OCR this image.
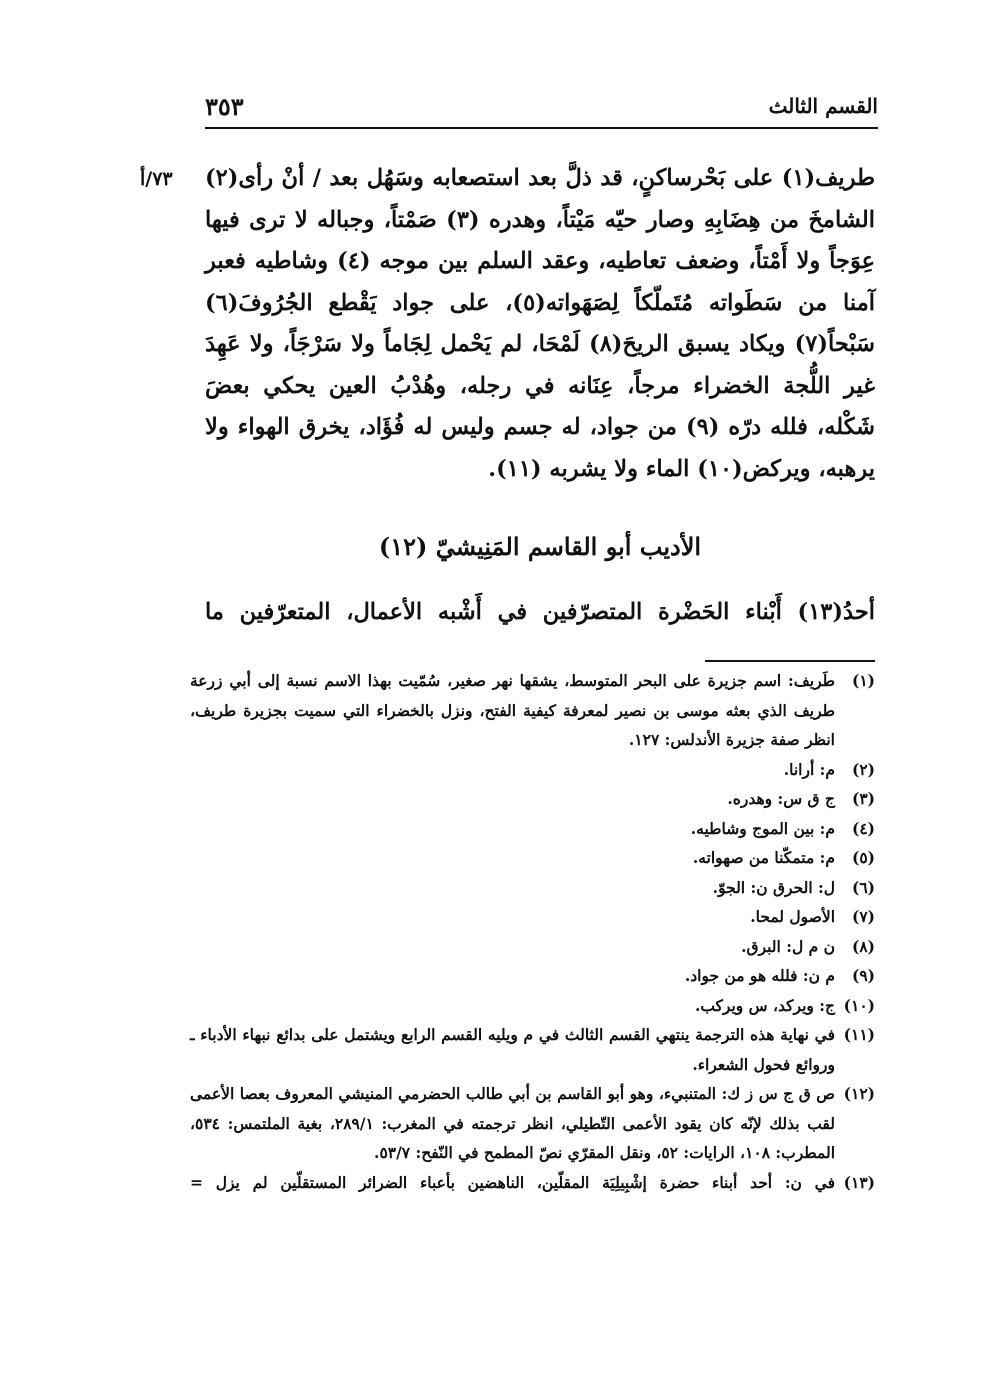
القسم الثالث
٣٥٣
٧٣/أ طريف(١) على بَحْرساكنٍ، قد ذلَّ بعد استصعابه وسَهُل بعد / أنْ رأى(٢) الشامخَ من هِضَابِهِ وصار حيّه مَيْتاً، وهدره (٣) صَمْتاً، وجباله لا ترى فيها عِوَجاً ولا أَمْتاً، وضعف تعاطيه، وعقد السلم بين موجه (٤) وشاطيه فعبر آمنا من سَطَواته مُتَملّكاً لِصَهَواته(٥)، على جواد يَقْطع الجُرُوفَ(٦) سَبْحاً(٧) ويكاد يسبق الريحَ(٨) لَمْحَا، لم يَحْمل لِجَاماً ولا سَرْجَاً، ولا عَهِدَ غير اللُّجة الخضراء مرجاً، عِنَانه في رجله، وهُدْبُ العين يحكي بعضَ شَكْله، فلله درّه (٩) من جواد، له جسم وليس له فُؤَاد، يخرق الهواء ولا يرهبه، ويركض(١٠) الماء ولا يشربه (١١).

الأديب أبو القاسم المَنِيشيّ (١٢)
أحدُ(١٣) أَبْناء الحَضْرة المتصرّفين في أَشْبه الأعمال، المتعرّفين ما
(١)
طَريف: اسم جزيرة على البحر المتوسط، يشقها نهر صغير، سُمّيت بهذا الاسم نسبة إلى أبي زرعة طريف الذي بعثه موسى بن نصير لمعرفة كيفية الفتح، ونزل بالخضراء التي سميت بجزيرة طريف، انظر صفة جزيرة الأندلس: ١٢٧.
(٢)
م: أرانا.
(٣)
ج ق س: وهدره.
(٤)
م: بين الموج وشاطيه.
(٥)
م: متمكّنا من صهواته.
(٦)
ل: الحرق ن: الجوّ.
(٧)
الأصول لمحا.
(٨)
ن م ل: البرق.
(٩)
م ن: فلله هو من جواد.
(١٠)
ج: ويركد، س ويركب.
(١١)
في نهاية هذه الترجمة ينتهي القسم الثالث في م ويليه القسم الرابع ويشتمل على بدائع نبهاء الأدباء ـ وروائع فحول الشعراء.
(١٢)
ص ق ج س ز ك: المتنبيء، وهو أبو القاسم بن أبي طالب الحضرمي المنيشي المعروف بعصا الأعمى لقب بذلك لإنّه كان يقود الأعمى التّطيلي، انظر ترجمته في المغرب: ٢٨٩/١، بغية الملتمس: ٥٣٤، المطرب: ١٠٨، الرايات: ٥٢، ونقل المقرّي نصّ المطمح في النّفح: ٥٣/٧.
(١٣)
في ن: أحد أبناء حضرة إشْبِيلِيَة المقلّين، الناهضين بأعباء الضرائر المستقلّين لم يزل =
